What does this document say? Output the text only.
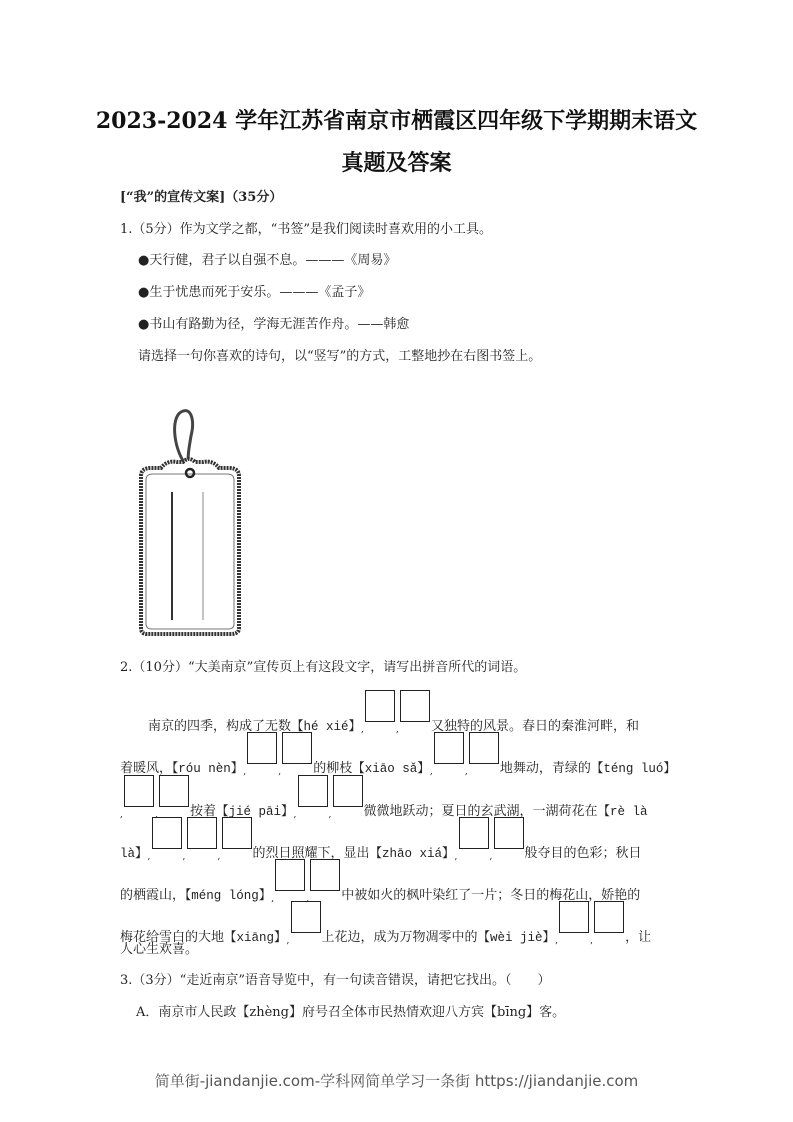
2023-2024 学年江苏省南京市栖霞区四年级下学期期末语文
真题及答案
[“我”的宣传文案]（35分）
1.（5分）作为文学之都，“书签”是我们阅读时喜欢用的小工具。
●天行健，君子以自强不息。———《周易》
●生于忧患而死于安乐。———《孟子》
●书山有路勤为径，学海无涯苦作舟。——韩愈
请选择一句你喜欢的诗句，以“竖写”的方式，工整地抄在右图书签上。
2.（10分）“大美南京”宣传页上有这段文字，请写出拼音所代的词语。
南京的四季，构成了无数【hé xié】,	, 又独特的风景。春日的秦淮河畔，和
着暖风，【róu nèn】,	, 的柳枝【xiāo sǎ】,	, 地舞动，青绿的【téng luó】
,	, 按着【jié pāi】,	, 微微地跃动；夏日的玄武湖，一湖荷花在【rè là
là】,	,	, 的烈日照耀下，显出【zhāo xiá】,	, 般夺目的色彩；秋日
的栖霞山，【méng lóng】,	, 中被如火的枫叶染红了一片；冬日的梅花山，娇艳的
梅花给雪白的大地【xiāng】, 上花边，成为万物凋零中的【wèi jiè】,	, ，让
人心生欢喜。
3.（3分）“走近南京”语音导览中，有一句读音错误，请把它找出。（　　）
A．南京市人民政【zhèng】府号召全体市民热情欢迎八方宾【bīng】客。
简单街-jiandanjie.com-学科网简单学习一条街 https://jiandanjie.com
